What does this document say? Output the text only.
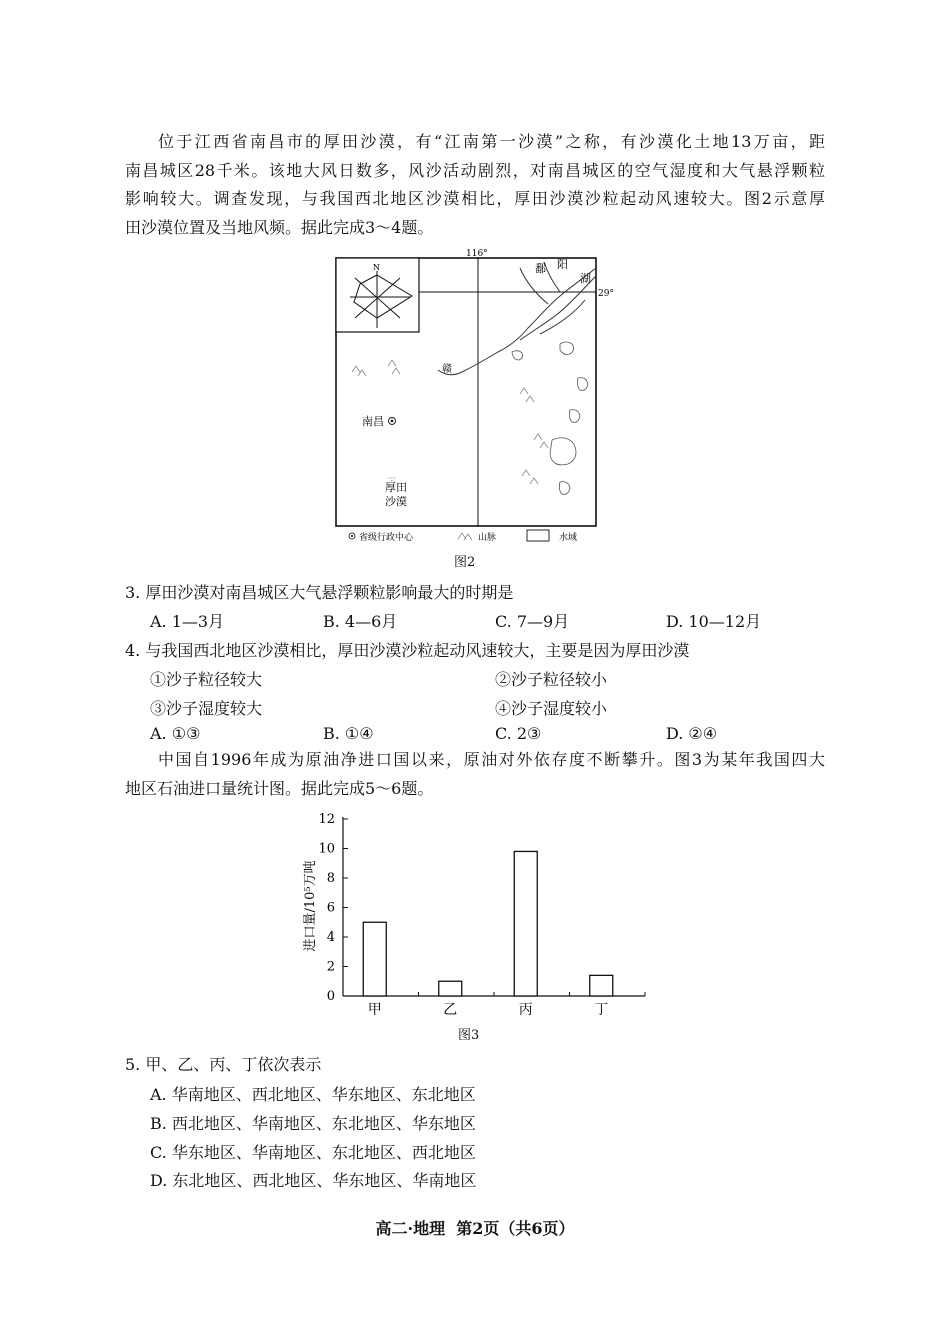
位于江西省南昌市的厚田沙漠，有“江南第一沙漠”之称，有沙漠化土地13万亩，距
南昌城区28千米。该地大风日数多，风沙活动剧烈，对南昌城区的空气湿度和大气悬浮颗粒
影响较大。调查发现，与我国西北地区沙漠相比，厚田沙漠沙粒起动风速较大。图2示意厚
田沙漠位置及当地风频。据此完成3～4题。
N
116°
29°
鄱 阳
湖
赣
南昌
·:·
厚田
沙漠
省级行政中心	山脉	水域
图2
3. 厚田沙漠对南昌城区大气悬浮颗粒影响最大的时期是
A. 1—3月	B. 4—6月	C. 7—9月	D. 10—12月
4. 与我国西北地区沙漠相比，厚田沙漠沙粒起动风速较大，主要是因为厚田沙漠
①沙子粒径较大	②沙子粒径较小
③沙子湿度较大	④沙子湿度较小
A. ①③	B. ①④	C. 2③	D. ②④
中国自1996年成为原油净进口国以来，原油对外依存度不断攀升。图3为某年我国四大
地区石油进口量统计图。据此完成5～6题。
0
2
4
6
8
10
12
甲	乙	丙	丁
进口量/10⁵万吨
图3
5. 甲、乙、丙、丁依次表示
A. 华南地区、西北地区、华东地区、东北地区
B. 西北地区、华南地区、东北地区、华东地区
C. 华东地区、华南地区、东北地区、西北地区
D. 东北地区、西北地区、华东地区、华南地区
高二·地理  第2页（共6页）
